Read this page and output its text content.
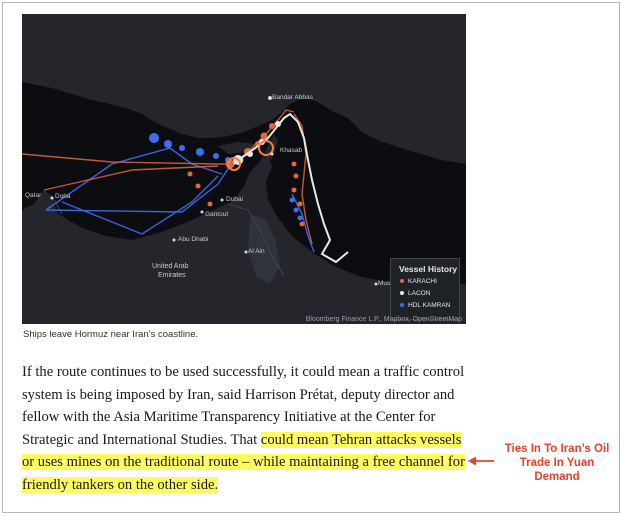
Bandar Abbas
Khasab
Qatar Doha	Dubai
Gantout
Abu Dhabi
Al Ain
United Arab
Emirates
Mus
Vessel History
KARACHI
LACON
HDL KAMRAN
Bloomberg Finance L.P., Mapbox, OpenStreetMap
Ships leave Hormuz near Iran’s coastline.

If the route continues to be used successfully, it could mean a traffic control system is being imposed by Iran, said Harrison Prétat, deputy director and fellow with the Asia Maritime Transparency Initiative at the Center for Strategic and International Studies. That could mean Tehran attacks vessels or uses mines on the traditional route – while maintaining a free channel for friendly tankers on the other side.

Ties In To Iran’s Oil Trade In Yuan Demand
